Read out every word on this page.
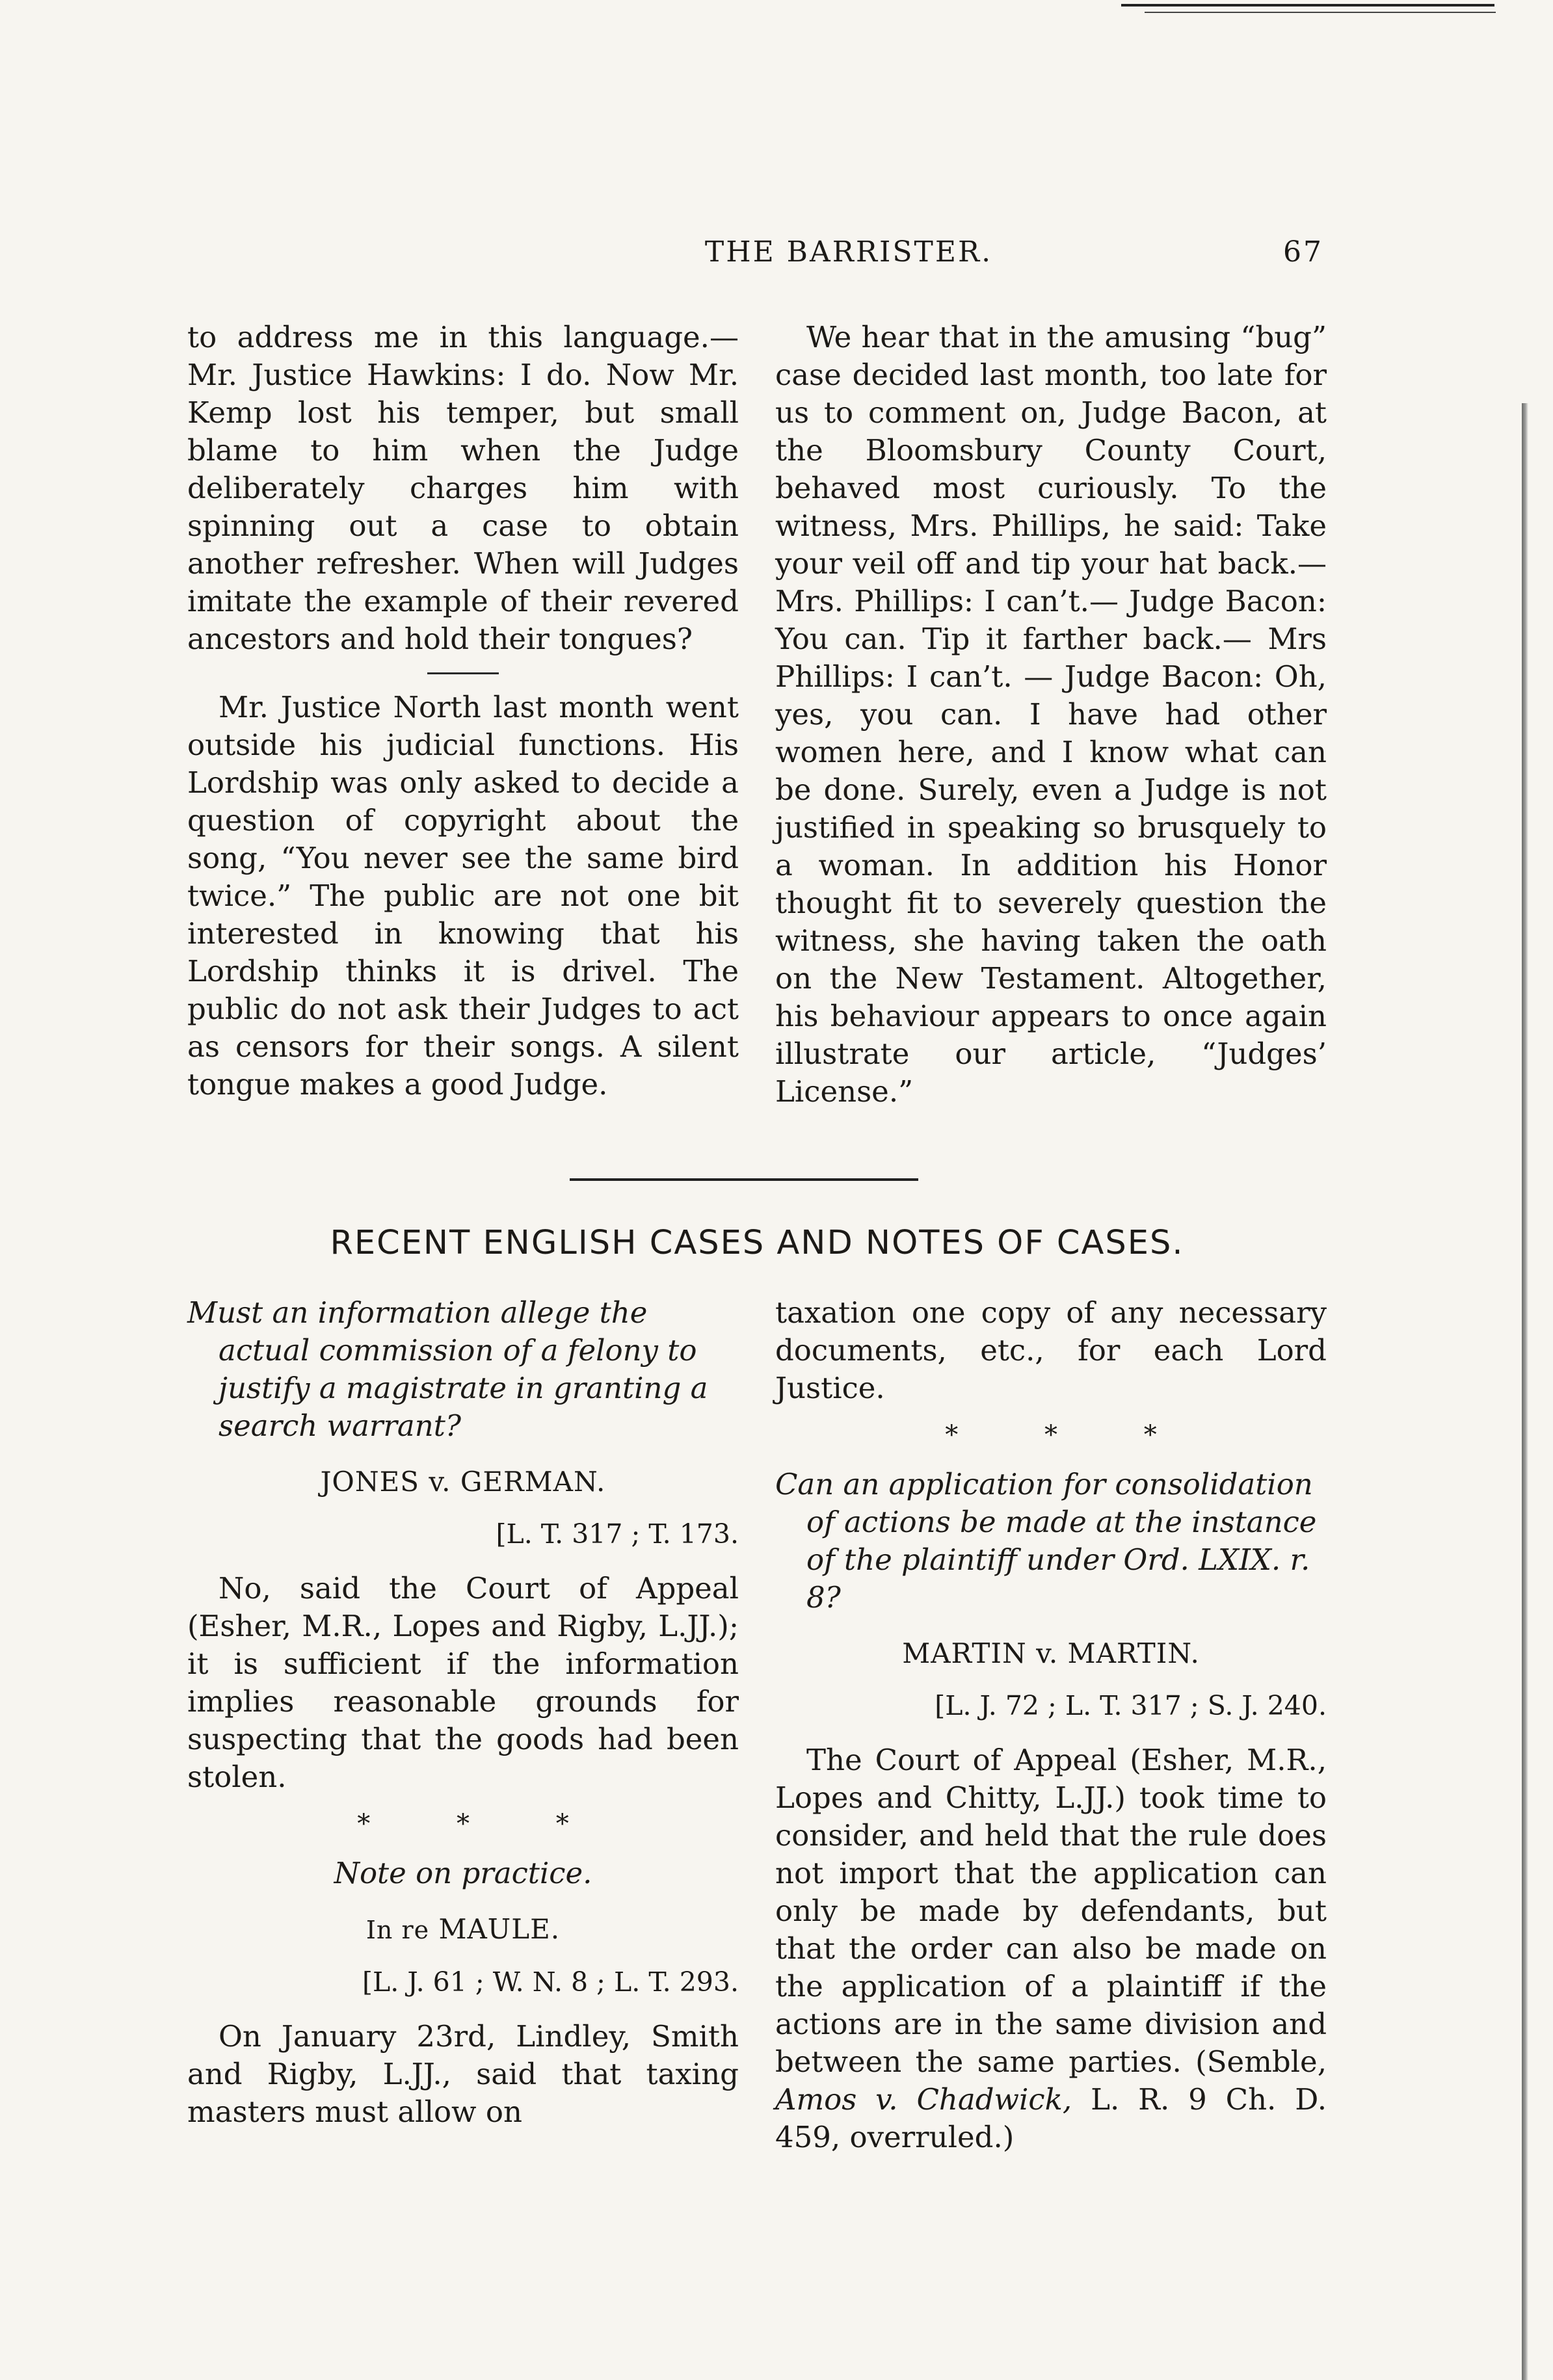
THE BARRISTER.	67

to address me in this language.— Mr. Justice Hawkins: I do. Now Mr. Kemp lost his temper, but small blame to him when the Judge deliberately charges him with spinning out a case to obtain another refresher. When will Judges imitate the example of their revered ancestors and hold their tongues?

Mr. Justice North last month went outside his judicial functions. His Lordship was only asked to decide a question of copyright about the song, “You never see the same bird twice.” The public are not one bit interested in knowing that his Lordship thinks it is drivel. The public do not ask their Judges to act as censors for their songs. A silent tongue makes a good Judge.

We hear that in the amusing “bug” case decided last month, too late for us to comment on, Judge Bacon, at the Bloomsbury County Court, behaved most curiously. To the witness, Mrs. Phillips, he said: Take your veil off and tip your hat back.—Mrs. Phillips: I can’t.— Judge Bacon: You can. Tip it farther back.— Mrs Phillips: I can’t. — Judge Bacon: Oh, yes, you can. I have had other women here, and I know what can be done. Surely, even a Judge is not justified in speaking so brusquely to a woman. In addition his Honor thought fit to severely question the witness, she having taken the oath on the New Testament. Altogether, his behaviour appears to once again illustrate our article, “Judges’ License.”

RECENT ENGLISH CASES AND NOTES OF CASES.

Must an information allege the actual commission of a felony to justify a magistrate in granting a search warrant?

JONES v. GERMAN.
[L. T. 317 ; T. 173.

No, said the Court of Appeal (Esher, M.R., Lopes and Rigby, L.JJ.); it is sufficient if the information implies reasonable grounds for suspecting that the goods had been stolen.

* * *
Note on practice.
In re MAULE.
[L. J. 61 ; W. N. 8 ; L. T. 293.

On January 23rd, Lindley, Smith and Rigby, L.JJ., said that taxing masters must allow on

taxation one copy of any necessary documents, etc., for each Lord Justice.

* * *

Can an application for consolidation of actions be made at the instance of the plaintiff under Ord. LXIX. r. 8?

MARTIN v. MARTIN.
[L. J. 72 ; L. T. 317 ; S. J. 240.

The Court of Appeal (Esher, M.R., Lopes and Chitty, L.JJ.) took time to consider, and held that the rule does not import that the application can only be made by defendants, but that the order can also be made on the application of a plaintiff if the actions are in the same division and between the same parties. (Semble, Amos v. Chadwick, L. R. 9 Ch. D. 459, overruled.)
